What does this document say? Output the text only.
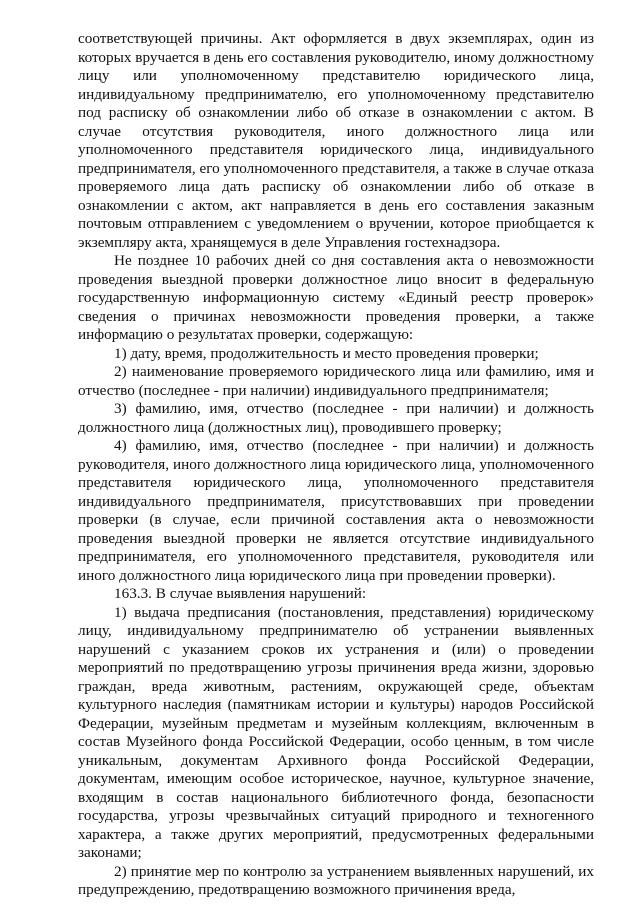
соответствующей причины. Акт оформляется в двух экземплярах, один из которых вручается в день его составления руководителю, иному должностному лицу или уполномоченному представителю юридического лица, индивидуальному предпринимателю, его уполномоченному представителю под расписку об ознакомлении либо об отказе в ознакомлении с актом. В случае отсутствия руководителя, иного должностного лица или уполномоченного представителя юридического лица, индивидуального предпринимателя, его уполномоченного представителя, а также в случае отказа проверяемого лица дать расписку об ознакомлении либо об отказе в ознакомлении с актом, акт направляется в день его составления заказным почтовым отправлением с уведомлением о вручении, которое приобщается к экземпляру акта, хранящемуся в деле Управления гостехнадзора.

Не позднее 10 рабочих дней со дня составления акта о невозможности проведения выездной проверки должностное лицо вносит в федеральную государственную информационную систему «Единый реестр проверок» сведения о причинах невозможности проведения проверки, а также информацию о результатах проверки, содержащую:

1) дату, время, продолжительность и место проведения проверки;

2) наименование проверяемого юридического лица или фамилию, имя и отчество (последнее - при наличии) индивидуального предпринимателя;

3) фамилию, имя, отчество (последнее - при наличии) и должность должностного лица (должностных лиц), проводившего проверку;

4) фамилию, имя, отчество (последнее - при наличии) и должность руководителя, иного должностного лица юридического лица, уполномоченного представителя юридического лица, уполномоченного представителя индивидуального предпринимателя, присутствовавших при проведении проверки (в случае, если причиной составления акта о невозможности проведения выездной проверки не является отсутствие индивидуального предпринимателя, его уполномоченного представителя, руководителя или иного должностного лица юридического лица при проведении проверки).

163.3. В случае выявления нарушений:

1) выдача предписания (постановления, представления) юридическому лицу, индивидуальному предпринимателю об устранении выявленных нарушений с указанием сроков их устранения и (или) о проведении мероприятий по предотвращению угрозы причинения вреда жизни, здоровью граждан, вреда животным, растениям, окружающей среде, объектам культурного наследия (памятникам истории и культуры) народов Российской Федерации, музейным предметам и музейным коллекциям, включенным в состав Музейного фонда Российской Федерации, особо ценным, в том числе уникальным, документам Архивного фонда Российской Федерации, документам, имеющим особое историческое, научное, культурное значение, входящим в состав национального библиотечного фонда, безопасности государства, угрозы чрезвычайных ситуаций природного и техногенного характера, а также других мероприятий, предусмотренных федеральными законами;

2) принятие мер по контролю за устранением выявленных нарушений, их предупреждению, предотвращению возможного причинения вреда,
